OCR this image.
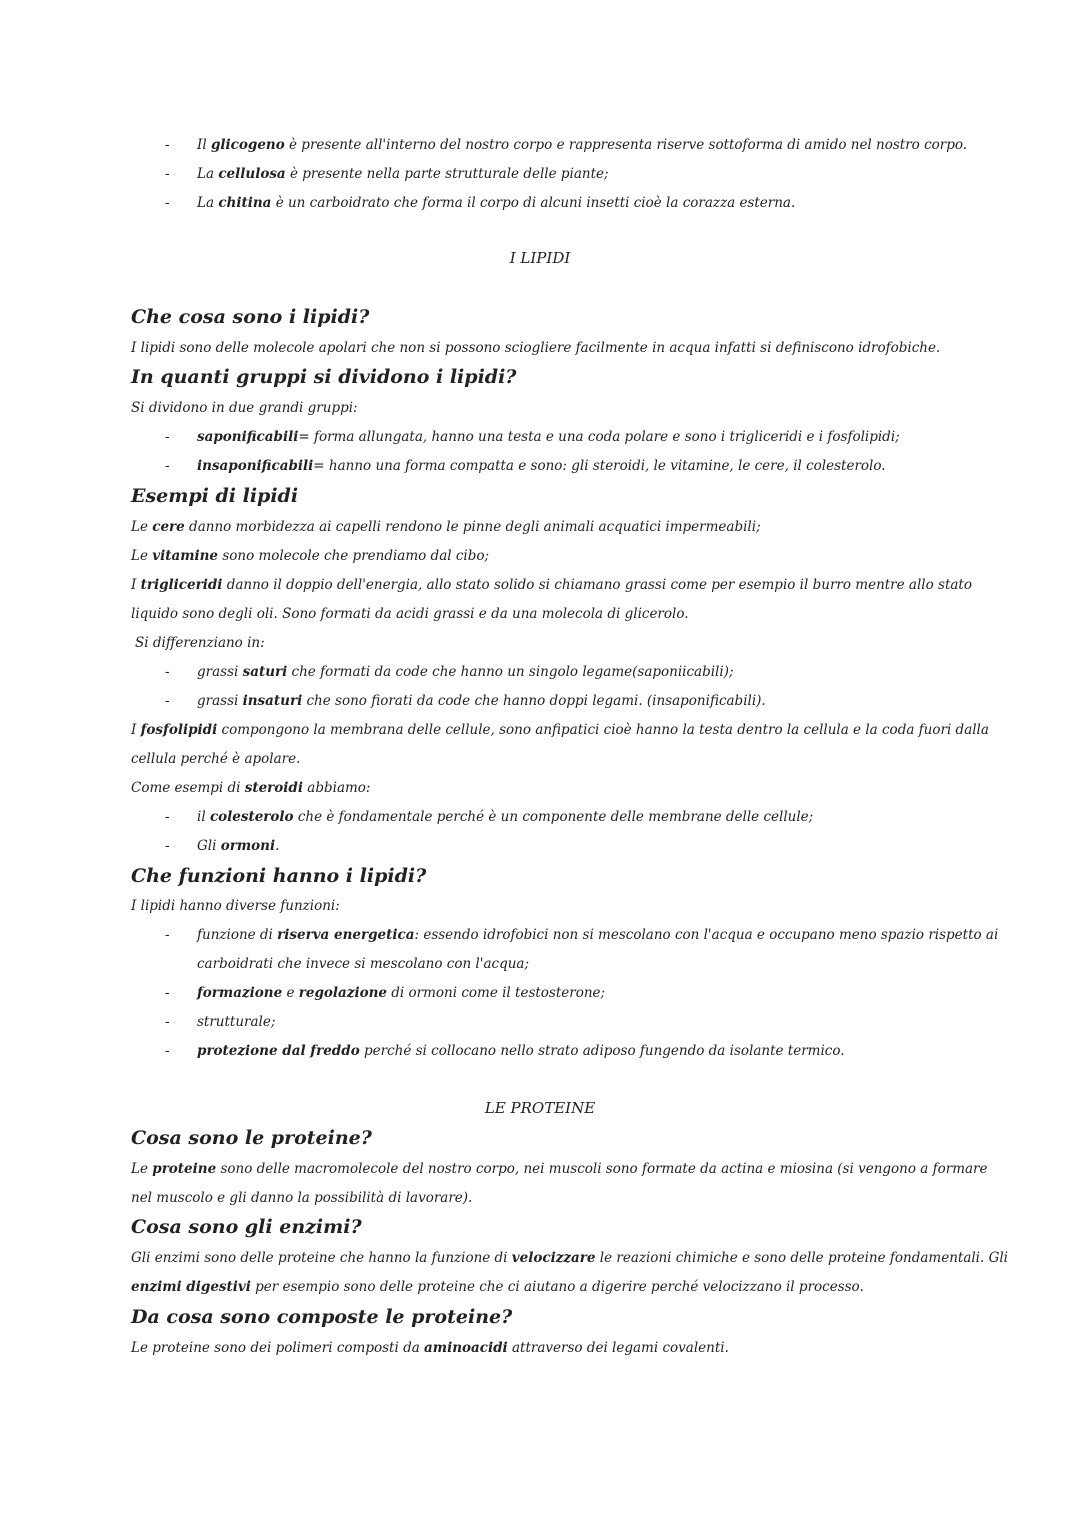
- Il glicogeno è presente all'interno del nostro corpo e rappresenta riserve sottoforma di amido nel nostro corpo.
- La cellulosa è presente nella parte strutturale delle piante;
- La chitina è un carboidrato che forma il corpo di alcuni insetti cioè la corazza esterna.
I LIPIDI
Che cosa sono i lipidi?
I lipidi sono delle molecole apolari che non si possono sciogliere facilmente in acqua infatti si definiscono idrofobiche.
In quanti gruppi si dividono i lipidi?
Si dividono in due grandi gruppi:
- saponificabili= forma allungata, hanno una testa e una coda polare e sono i trigliceridi e i fosfolipidi;
- insaponificabili= hanno una forma compatta e sono: gli steroidi, le vitamine, le cere, il colesterolo.
Esempi di lipidi
Le cere danno morbidezza ai capelli rendono le pinne degli animali acquatici impermeabili;
Le vitamine sono molecole che prendiamo dal cibo;
I trigliceridi danno il doppio dell'energia, allo stato solido si chiamano grassi come per esempio il burro mentre allo stato
liquido sono degli oli. Sono formati da acidi grassi e da una molecola di glicerolo.
Si differenziano in:
- grassi saturi che formati da code che hanno un singolo legame(saponiicabili);
- grassi insaturi che sono fiorati da code che hanno doppi legami. (insaponificabili).
I fosfolipidi compongono la membrana delle cellule, sono anfipatici cioè hanno la testa dentro la cellula e la coda fuori dalla
cellula perché è apolare.
Come esempi di steroidi abbiamo:
- il colesterolo che è fondamentale perché è un componente delle membrane delle cellule;
- Gli ormoni.
Che funzioni hanno i lipidi?
I lipidi hanno diverse funzioni:
- funzione di riserva energetica: essendo idrofobici non si mescolano con l'acqua e occupano meno spazio rispetto ai
carboidrati che invece si mescolano con l'acqua;
- formazione e regolazione di ormoni come il testosterone;
- strutturale;
- protezione dal freddo perché si collocano nello strato adiposo fungendo da isolante termico.
LE PROTEINE
Cosa sono le proteine?
Le proteine sono delle macromolecole del nostro corpo, nei muscoli sono formate da actina e miosina (si vengono a formare
nel muscolo e gli danno la possibilità di lavorare).
Cosa sono gli enzimi?
Gli enzimi sono delle proteine che hanno la funzione di velocizzare le reazioni chimiche e sono delle proteine fondamentali. Gli
enzimi digestivi per esempio sono delle proteine che ci aiutano a digerire perché velocizzano il processo.
Da cosa sono composte le proteine?
Le proteine sono dei polimeri composti da aminoacidi attraverso dei legami covalenti.
